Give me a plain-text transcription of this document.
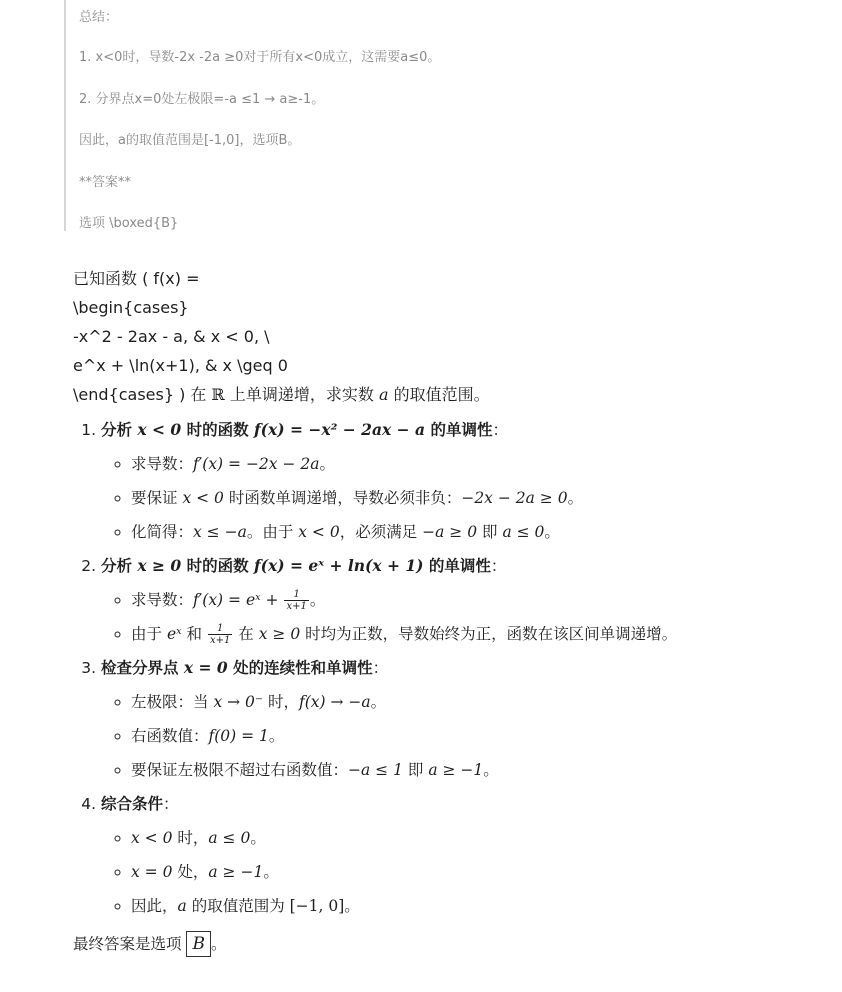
总结：
1. x<0时，导数-2x -2a ≥0对于所有x<0成立，这需要a≤0。
2. 分界点x=0处左极限=-a ≤1 → a≥-1。
因此，a的取值范围是[-1,0]，选项B。
**答案**
选项 \boxed{B}
已知函数 ( f(x) =
\begin{cases}
-x^2 - 2ax - a, & x < 0, \
e^x + \ln(x+1), & x \geq 0
\end{cases} ) 在 ℝ 上单调递增，求实数 a 的取值范围。
1. 分析 x < 0 时的函数 f(x) = −x² − 2ax − a 的单调性：
◦ 求导数：f′(x) = −2x − 2a。
◦ 要保证 x < 0 时函数单调递增，导数必须非负：−2x − 2a ≥ 0。
◦ 化简得：x ≤ −a。由于 x < 0，必须满足 −a ≥ 0 即 a ≤ 0。
2. 分析 x ≥ 0 时的函数 f(x) = eˣ + ln(x + 1) 的单调性：
◦ 求导数：f′(x) = eˣ + $\frac{1}{x+1}$ 。
◦ 由于 eˣ 和 $\frac{1}{x+1}$ 在 x ≥ 0 时均为正数，导数始终为正，函数在该区间单调递增。
3. 检查分界点 x = 0 处的连续性和单调性：
◦ 左极限：当 x → 0⁻ 时，f(x) → −a。
◦ 右函数值：f(0) = 1。
◦ 要保证左极限不超过右函数值：−a ≤ 1 即 a ≥ −1。
4. 综合条件：
◦ x < 0 时，a ≤ 0。
◦ x = 0 处，a ≥ −1。
◦ 因此，a 的取值范围为 [−1, 0]。
最终答案是选项 B 。
